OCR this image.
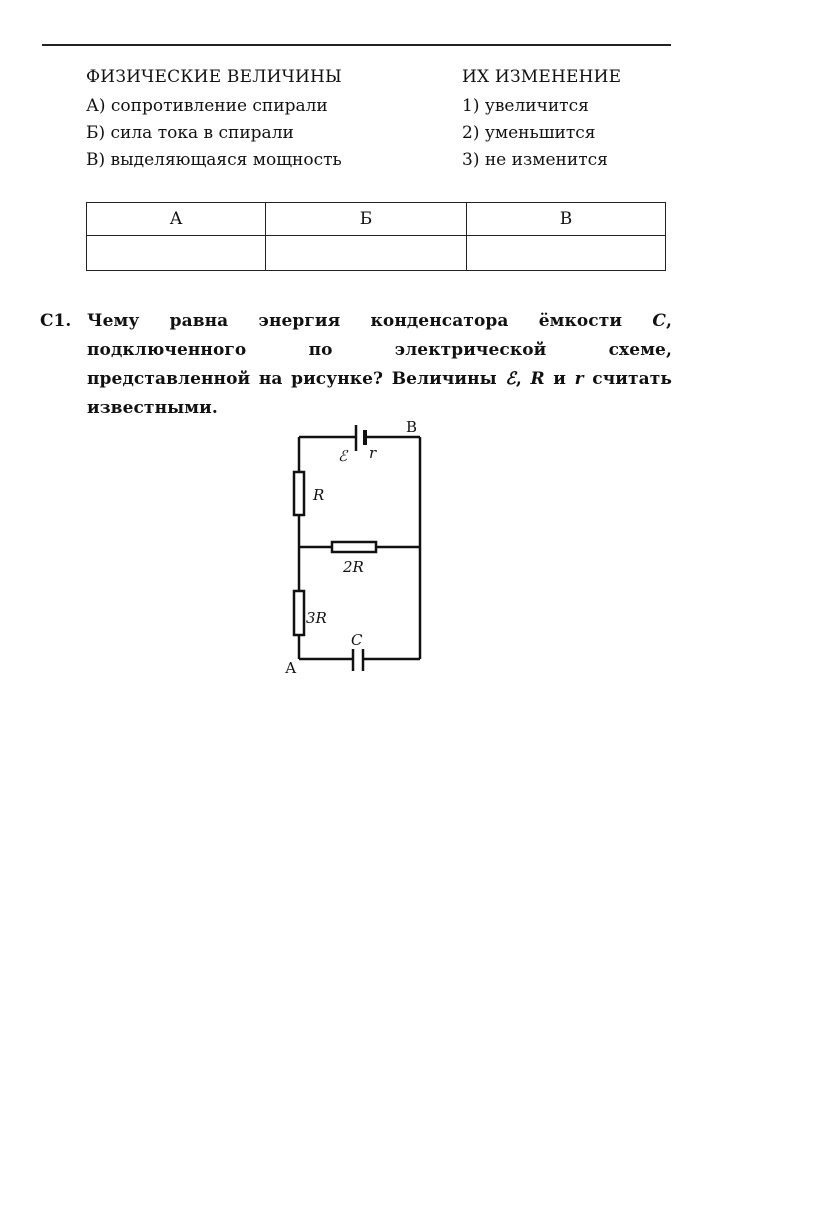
ФИЗИЧЕСКИЕ ВЕЛИЧИНЫ
А) сопротивление спирали
Б) сила тока в спирали
В) выделяющаяся мощность
ИХ ИЗМЕНЕНИЕ
1) увеличится
2) уменьшится
3) не изменится
А	Б	В

С1. Чему равна энергия конденсатора ёмкости C, подключенного по электрической схеме, представленной на рисунке? Величины ℰ, R и r считать известными.
В
А
ℰ r
R
2R
3R
C
